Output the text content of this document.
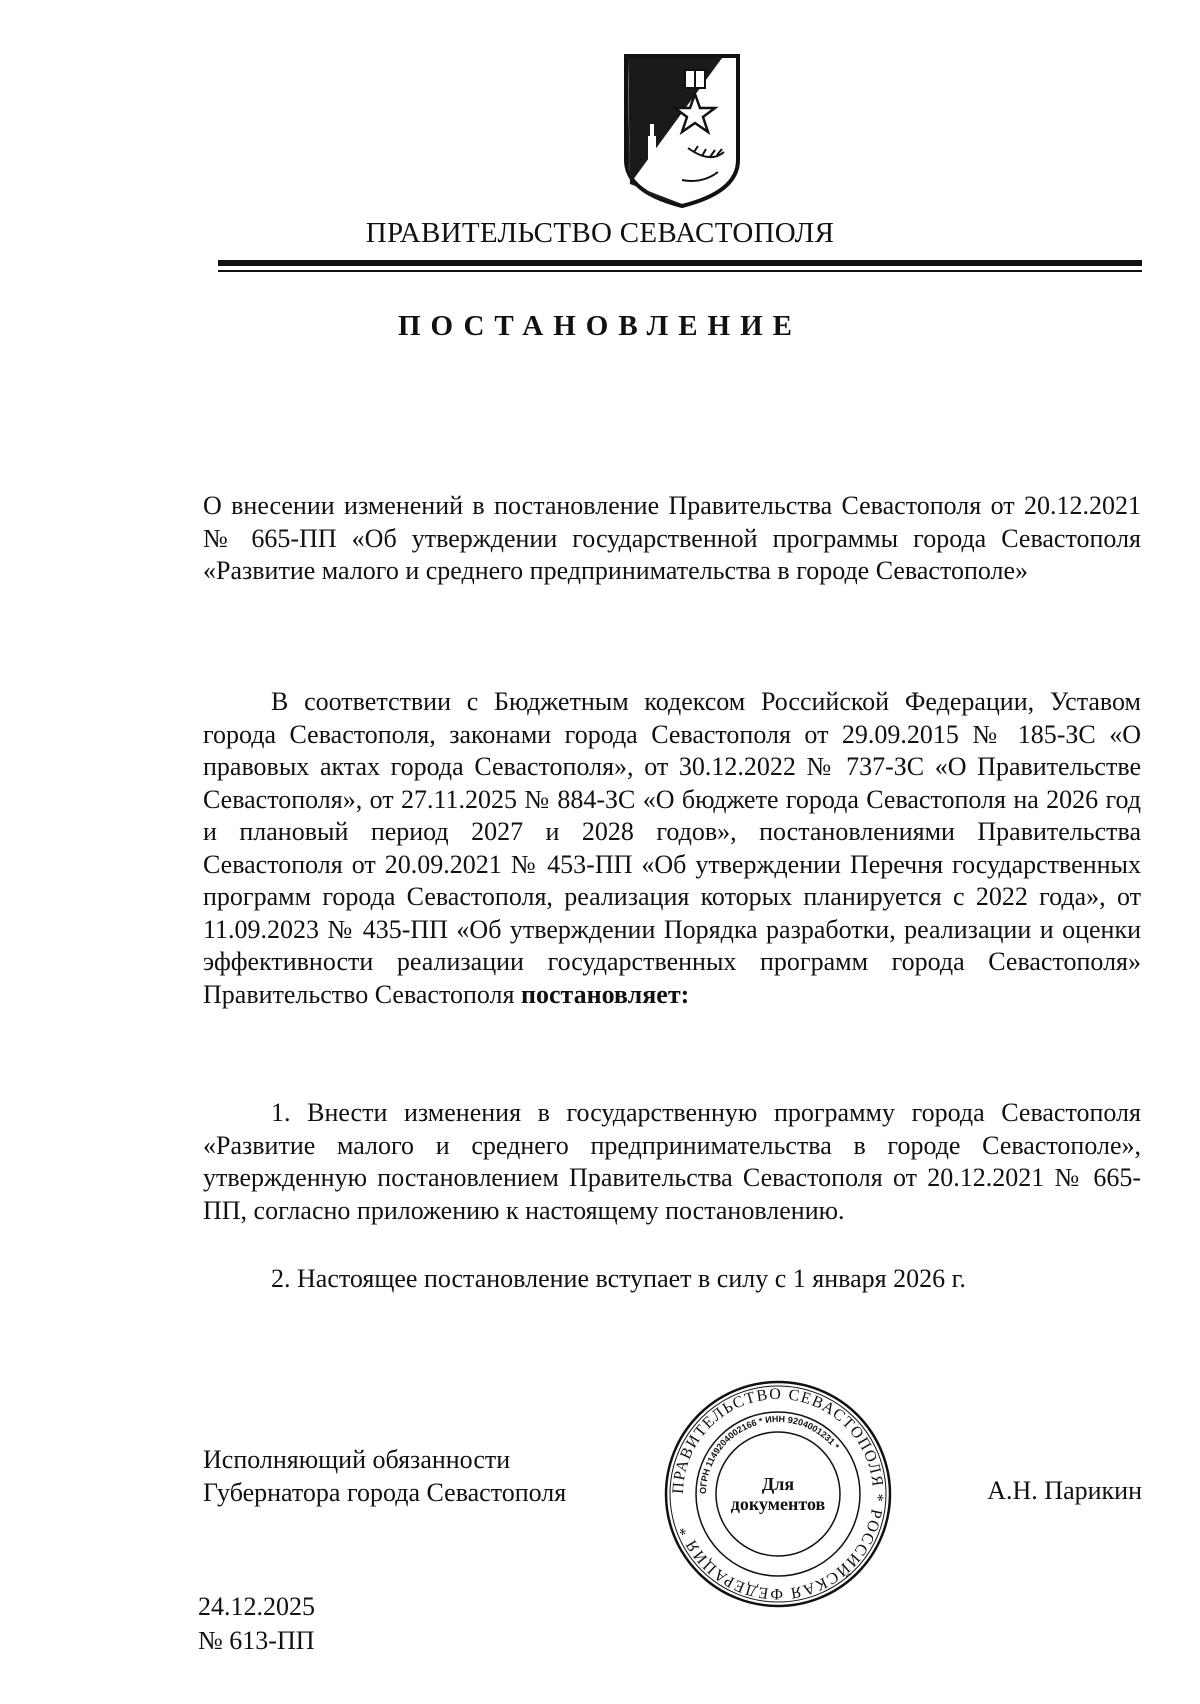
ПРАВИТЕЛЬСТВО СЕВАСТОПОЛЯ
ПОСТАНОВЛЕНИЕ
О внесении изменений в постановление Правительства Севастополя от 20.12.2021 № 665-ПП «Об утверждении государственной программы города Севастополя «Развитие малого и среднего предпринимательства в городе Севастополе»
В соответствии с Бюджетным кодексом Российской Федерации, Уставом города Севастополя, законами города Севастополя от 29.09.2015 № 185-ЗС «О правовых актах города Севастополя», от 30.12.2022 № 737-ЗС «О Правительстве Севастополя», от 27.11.2025 № 884-ЗС «О бюджете города Севастополя на 2026 год и плановый период 2027 и 2028 годов», постановлениями Правительства Севастополя от 20.09.2021 № 453-ПП «Об утверждении Перечня государственных программ города Севастополя, реализация которых планируется с 2022 года», от 11.09.2023 № 435-ПП «Об утверждении Порядка разработки, реализации и оценки эффективности реализации государственных программ города Севастополя» Правительство Севастополя постановляет:
1. Внести изменения в государственную программу города Севастополя «Развитие малого и среднего предпринимательства в городе Севастополе», утвержденную постановлением Правительства Севастополя от 20.12.2021 № 665-ПП, согласно приложению к настоящему постановлению.
2. Настоящее постановление вступает в силу с 1 января 2026 г.
Исполняющий обязанности
Губернатора города Севастополя	ПРАВИТЕЛЬСТВО СЕВАСТОПОЛЯ * РОССИЙСКАЯ ФЕДЕРАЦИЯ *
ОГРН 1149204002166 * ИНН 9204001231 *
Для
документов	А.Н. Парикин
24.12.2025
№ 613-ПП
